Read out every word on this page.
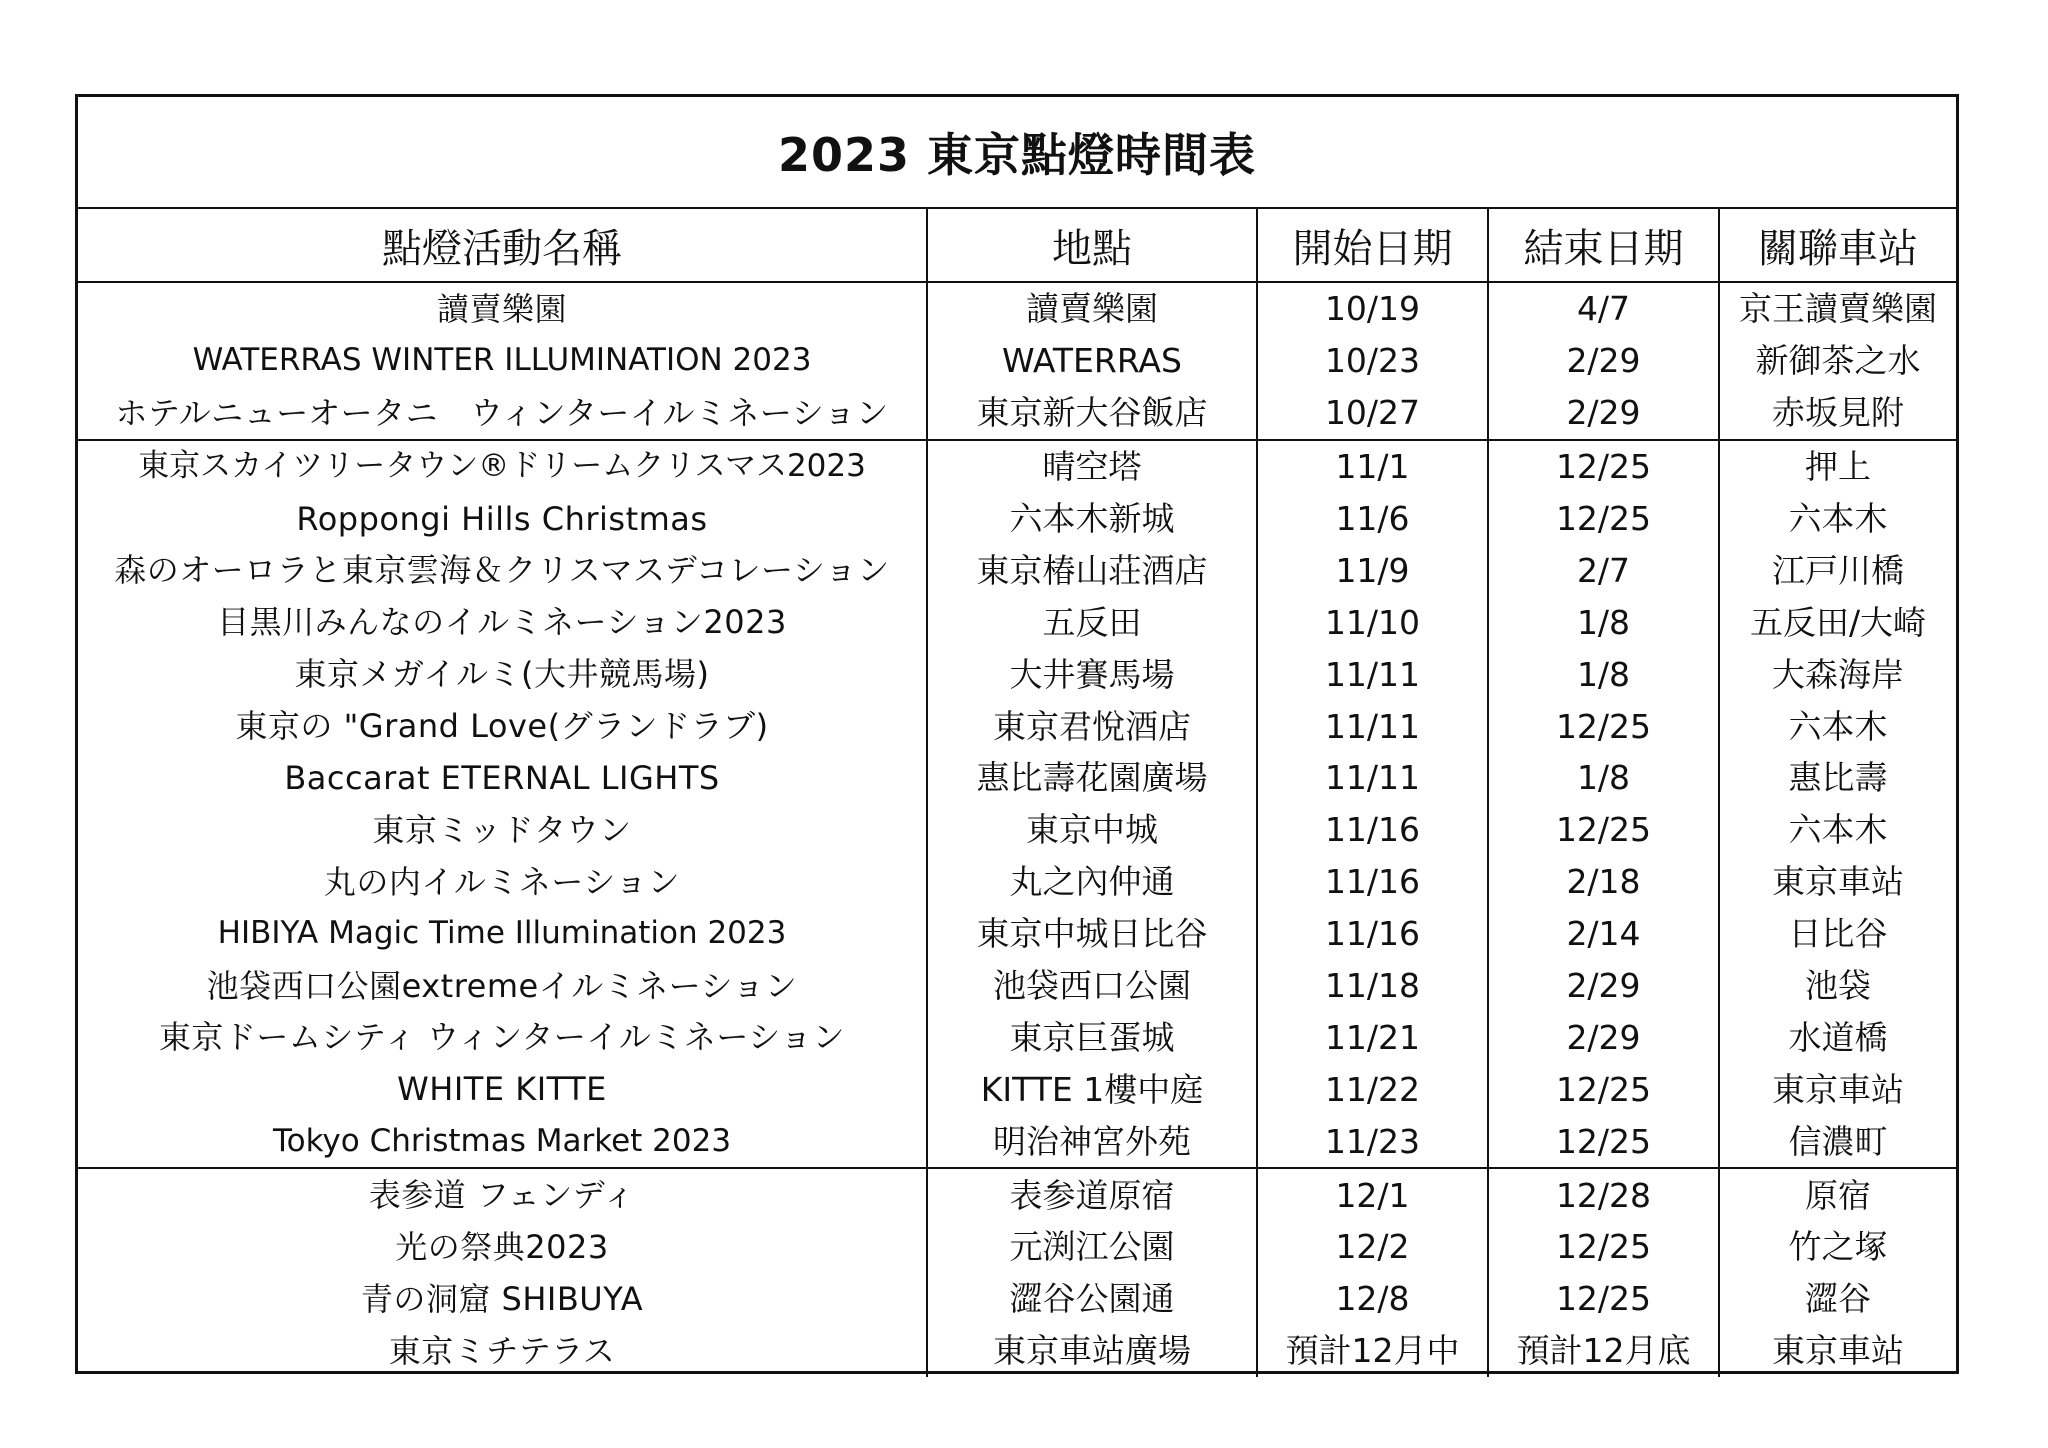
2023 東京點燈時間表
點燈活動名稱	地點	開始日期	結束日期	關聯車站
讀賣樂園	讀賣樂園	10/19	4/7	京王讀賣樂園
WATERRAS WINTER ILLUMINATION 2023	WATERRAS	10/23	2/29	新御茶之水
ホテルニューオータニ　ウィンターイルミネーション	東京新大谷飯店	10/27	2/29	赤坂見附
東京スカイツリータウン®ドリームクリスマス2023	晴空塔	11/1	12/25	押上
Roppongi Hills Christmas	六本木新城	11/6	12/25	六本木
森のオーロラと東京雲海＆クリスマスデコレーション	東京椿山荘酒店	11/9	2/7	江戸川橋
目黒川みんなのイルミネーション2023	五反田	11/10	1/8	五反田/大崎
東京メガイルミ(大井競馬場)	大井賽馬場	11/11	1/8	大森海岸
東京の "Grand Love(グランドラブ)	東京君悅酒店	11/11	12/25	六本木
Baccarat ETERNAL LIGHTS	惠比壽花園廣場	11/11	1/8	惠比壽
東京ミッドタウン	東京中城	11/16	12/25	六本木
丸の内イルミネーション	丸之內仲通	11/16	2/18	東京車站
HIBIYA Magic Time Illumination 2023	東京中城日比谷	11/16	2/14	日比谷
池袋西口公園extremeイルミネーション	池袋西口公園	11/18	2/29	池袋
東京ドームシティ ウィンターイルミネーション	東京巨蛋城	11/21	2/29	水道橋
WHITE KITTE	KITTE 1樓中庭	11/22	12/25	東京車站
Tokyo Christmas Market 2023	明治神宮外苑	11/23	12/25	信濃町
表参道 フェンディ	表参道原宿	12/1	12/28	原宿
光の祭典2023	元渕江公園	12/2	12/25	竹之塚
青の洞窟 SHIBUYA	澀谷公園通	12/8	12/25	澀谷
東京ミチテラス	東京車站廣場	預計12月中	預計12月底	東京車站
